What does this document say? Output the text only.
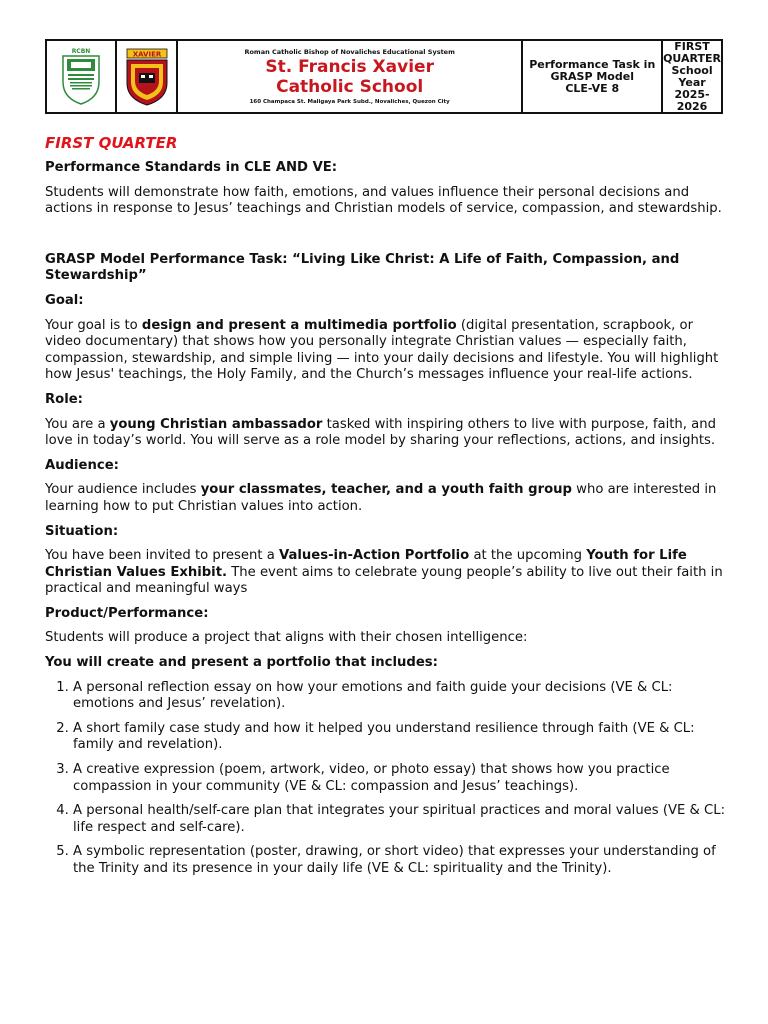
RCBN	XAVIER	Roman Catholic Bishop of Novaliches Educational System
St. Francis Xavier
Catholic School
160 Champaca St. Maligaya Park Subd., Novaliches, Quezon City
Performance Task in
GRASP Model
CLE-VE 8
FIRST
QUARTER
School Year
2025-2026
FIRST QUARTER
Performance Standards in CLE AND VE:

Students will demonstrate how faith, emotions, and values influence their personal decisions and actions in response to Jesus’ teachings and Christian models of service, compassion, and stewardship.

GRASP Model Performance Task: “Living Like Christ: A Life of Faith, Compassion, and Stewardship”
Goal:

Your goal is to design and present a multimedia portfolio (digital presentation, scrapbook, or video documentary) that shows how you personally integrate Christian values — especially faith, compassion, stewardship, and simple living — into your daily decisions and lifestyle. You will highlight how Jesus' teachings, the Holy Family, and the Church’s messages influence your real-life actions.

Role:

You are a young Christian ambassador tasked with inspiring others to live with purpose, faith, and love in today’s world. You will serve as a role model by sharing your reflections, actions, and insights.

Audience:

Your audience includes your classmates, teacher, and a youth faith group who are interested in learning how to put Christian values into action.

Situation:

You have been invited to present a Values-in-Action Portfolio at the upcoming Youth for Life Christian Values Exhibit. The event aims to celebrate young people’s ability to live out their faith in practical and meaningful ways

Product/Performance:

Students will produce a project that aligns with their chosen intelligence:

You will create and present a portfolio that includes:
1. A personal reflection essay on how your emotions and faith guide your decisions (VE & CL: emotions and Jesus’ revelation).
2. A short family case study and how it helped you understand resilience through faith (VE & CL: family and revelation).
3. A creative expression (poem, artwork, video, or photo essay) that shows how you practice compassion in your community (VE & CL: compassion and Jesus’ teachings).
4. A personal health/self-care plan that integrates your spiritual practices and moral values (VE & CL: life respect and self-care).
5. A symbolic representation (poster, drawing, or short video) that expresses your understanding of the Trinity and its presence in your daily life (VE & CL: spirituality and the Trinity).
